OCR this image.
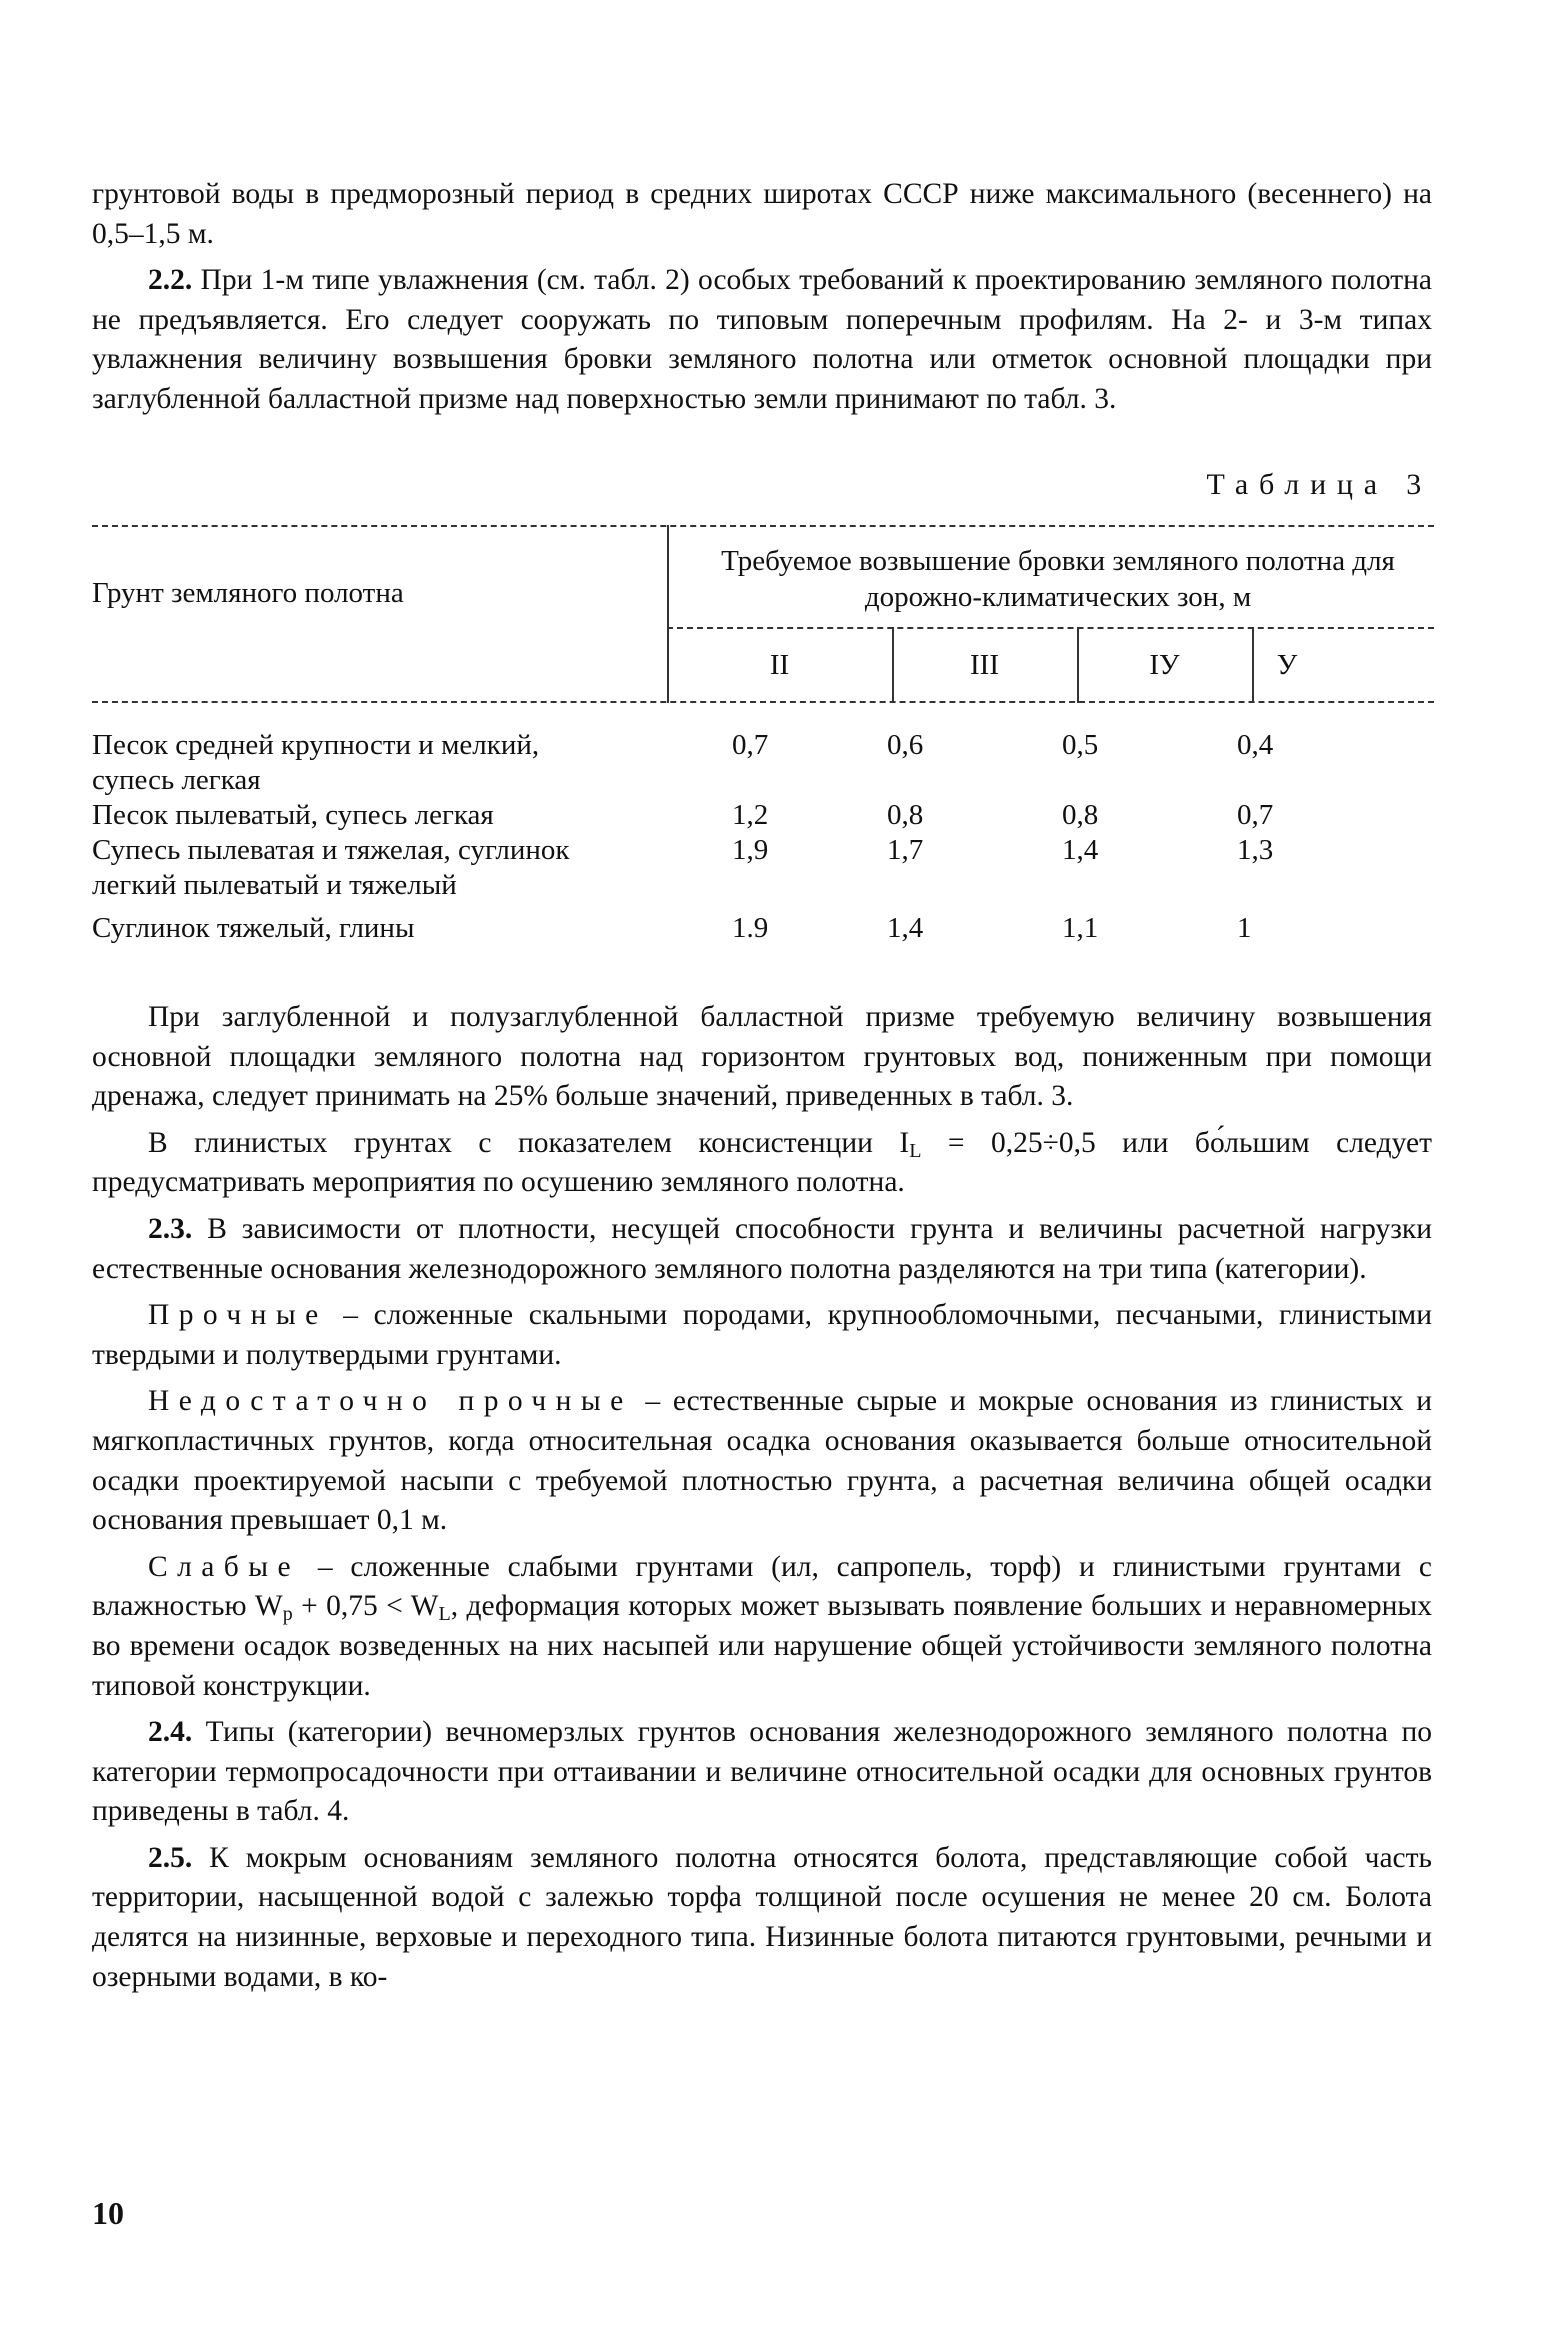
грунтовой воды в предморозный период в средних широтах СССР ниже максимального (весеннего) на 0,5–1,5 м.

2.2. При 1-м типе увлажнения (см. табл. 2) особых требований к проектированию земляного полотна не предъявляется. Его следует сооружать по типовым поперечным профилям. На 2- и 3-м типах увлажнения величину возвышения бровки земляного полотна или отметок основной площадки при заглубленной балластной призме над поверхностью земли принимают по табл. 3.

Таблица 3
Грунт земляного полотна
Требуемое возвышение бровки земляного полотна для дорожно-климатических зон, м
II	III	IУ	У
Песок средней крупности и мелкий,	0,7	0,6	0,5	0,4
супесь легкая
Песок пылеватый, супесь легкая	1,2	0,8	0,8	0,7
Супесь пылеватая и тяжелая, суглинок	1,9	1,7	1,4	1,3
легкий пылеватый и тяжелый
Суглинок тяжелый, глины	1.9	1,4	1,1	1

При заглубленной и полузаглубленной балластной призме требуемую величину возвышения основной площадки земляного полотна над горизонтом грунтовых вод, пониженным при помощи дренажа, следует принимать на 25% больше значений, приведенных в табл. 3.

В глинистых грунтах с показателем консистенции $I_L = 0,25\div 0,5$ или бо́льшим следует предусматривать мероприятия по осушению земляного полотна.

2.3. В зависимости от плотности, несущей способности грунта и величины расчетной нагрузки естественные основания железнодорожного земляного полотна разделяются на три типа (категории).

Прочные – сложенные скальными породами, крупнообломочными, песчаными, глинистыми твердыми и полутвердыми грунтами.

Недостаточно прочные – естественные сырые и мокрые основания из глинистых и мягкопластичных грунтов, когда относительная осадка основания оказывается больше относительной осадки проектируемой насыпи с требуемой плотностью грунта, а расчетная величина общей осадки основания превышает 0,1 м.

Слабые – сложенные слабыми грунтами (ил, сапропель, торф) и глинистыми грунтами с влажностью $W_p + 0,75 < W_L$, деформация которых может вызывать появление больших и неравномерных во времени осадок возведенных на них насыпей или нарушение общей устойчивости земляного полотна типовой конструкции.

2.4. Типы (категории) вечномерзлых грунтов основания железнодорожного земляного полотна по категории термопросадочности при оттаивании и величине относительной осадки для основных грунтов приведены в табл. 4.

2.5. К мокрым основаниям земляного полотна относятся болота, представляющие собой часть территории, насыщенной водой с залежью торфа толщиной после осушения не менее 20 см. Болота делятся на низинные, верховые и переходного типа. Низинные болота питаются грунтовыми, речными и озерными водами, в ко-

10
